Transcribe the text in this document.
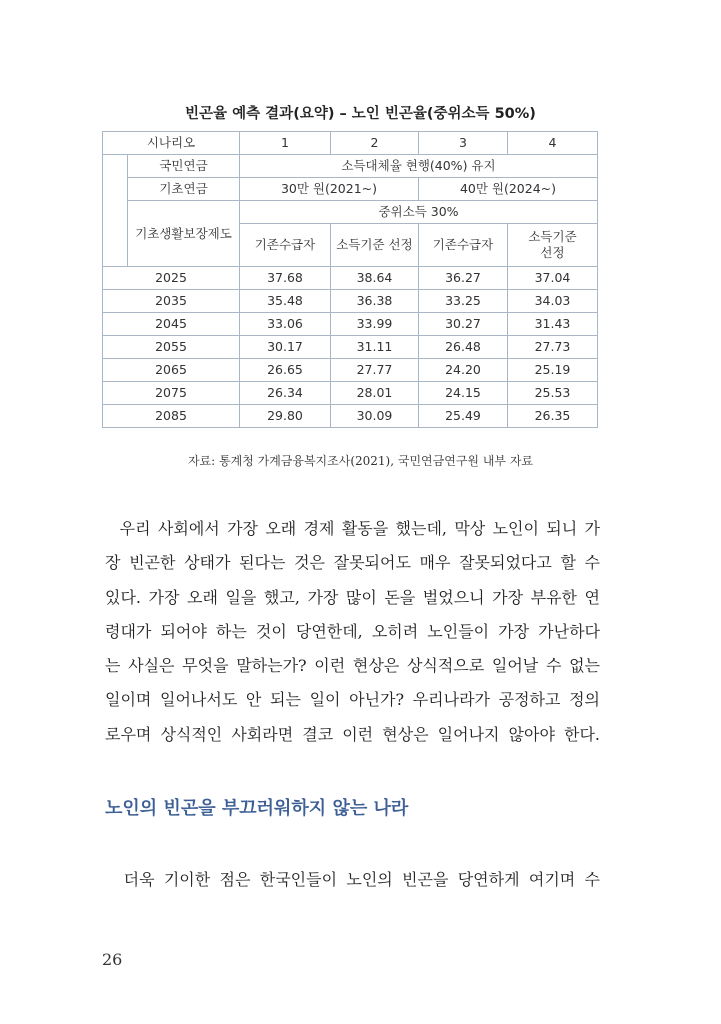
빈곤율 예측 결과(요약) – 노인 빈곤율(중위소득 50%)
시나리오		1	2	3	4
	국민연금	소득대체율 현행(40%) 유지			
	기초연금	30만 원(2021~)		40만 원(2024~)	
	기초생활보장제도	중위소득 30%			
		기존수급자	소득기준 선정	기존수급자	소득기준
선정
2025		37.68	38.64	36.27	37.04
2035		35.48	36.38	33.25	34.03
2045		33.06	33.99	30.27	31.43
2055		30.17	31.11	26.48	27.73
2065		26.65	27.77	24.20	25.19
2075		26.34	28.01	24.15	25.53
2085		29.80	30.09	25.49	26.35
자료: 통계청 가계금융복지조사(2021), 국민연금연구원 내부 자료
우리 사회에서 가장 오래 경제 활동을 했는데, 막상 노인이 되니 가
장 빈곤한 상태가 된다는 것은 잘못되어도 매우 잘못되었다고 할 수
있다. 가장 오래 일을 했고, 가장 많이 돈을 벌었으니 가장 부유한 연
령대가 되어야 하는 것이 당연한데, 오히려 노인들이 가장 가난하다
는 사실은 무엇을 말하는가? 이런 현상은 상식적으로 일어날 수 없는
일이며 일어나서도 안 되는 일이 아닌가? 우리나라가 공정하고 정의
로우며 상식적인 사회라면 결코 이런 현상은 일어나지 않아야 한다.
노인의 빈곤을 부끄러워하지 않는 나라
더욱 기이한 점은 한국인들이 노인의 빈곤을 당연하게 여기며 수
26
